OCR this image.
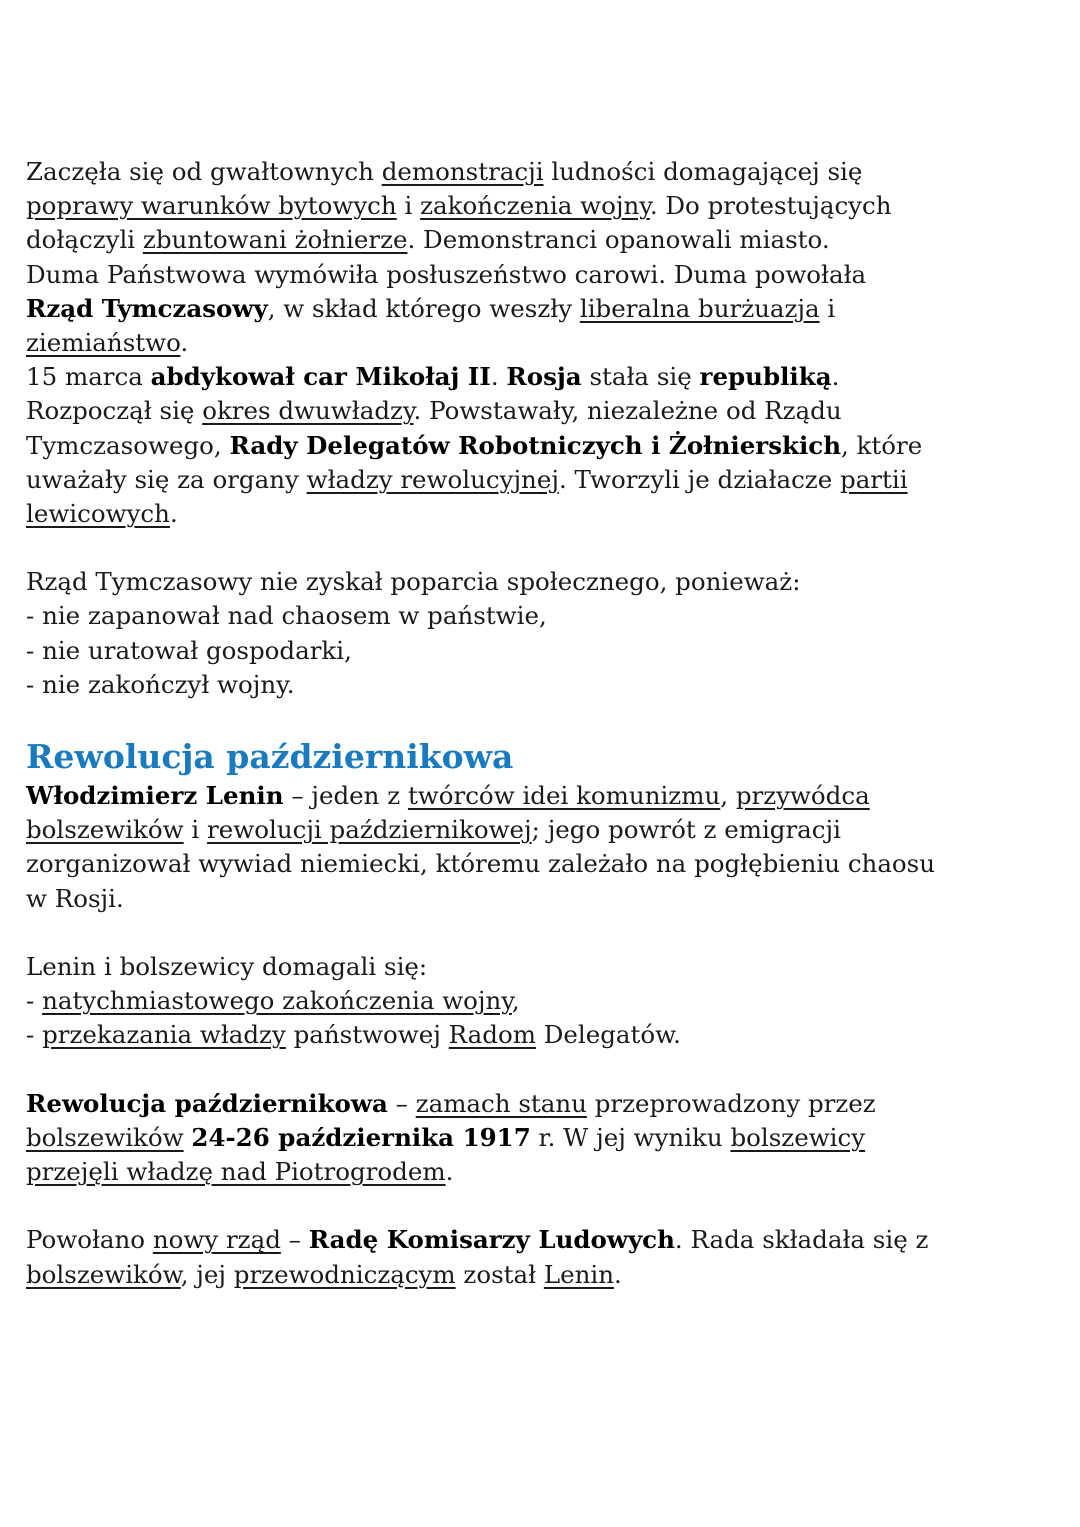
Zaczęła się od gwałtownych demonstracji ludności domagającej się
poprawy warunków bytowych i zakończenia wojny. Do protestujących
dołączyli zbuntowani żołnierze. Demonstranci opanowali miasto.
Duma Państwowa wymówiła posłuszeństwo carowi. Duma powołała
Rząd Tymczasowy, w skład którego weszły liberalna burżuazja i
ziemiaństwo.
15 marca abdykował car Mikołaj II. Rosja stała się republiką.
Rozpoczął się okres dwuwładzy. Powstawały, niezależne od Rządu
Tymczasowego, Rady Delegatów Robotniczych i Żołnierskich, które
uważały się za organy władzy rewolucyjnej. Tworzyli je działacze partii
lewicowych.
Rząd Tymczasowy nie zyskał poparcia społecznego, ponieważ:
- nie zapanował nad chaosem w państwie,
- nie uratował gospodarki,
- nie zakończył wojny.
Rewolucja październikowa
Włodzimierz Lenin – jeden z twórców idei komunizmu, przywódca
bolszewików i rewolucji październikowej; jego powrót z emigracji
zorganizował wywiad niemiecki, któremu zależało na pogłębieniu chaosu
w Rosji.
Lenin i bolszewicy domagali się:
- natychmiastowego zakończenia wojny,
- przekazania władzy państwowej Radom Delegatów.
Rewolucja październikowa – zamach stanu przeprowadzony przez
bolszewików 24-26 października 1917 r. W jej wyniku bolszewicy
przejęli władzę nad Piotrogrodem.
Powołano nowy rząd – Radę Komisarzy Ludowych. Rada składała się z
bolszewików, jej przewodniczącym został Lenin.
